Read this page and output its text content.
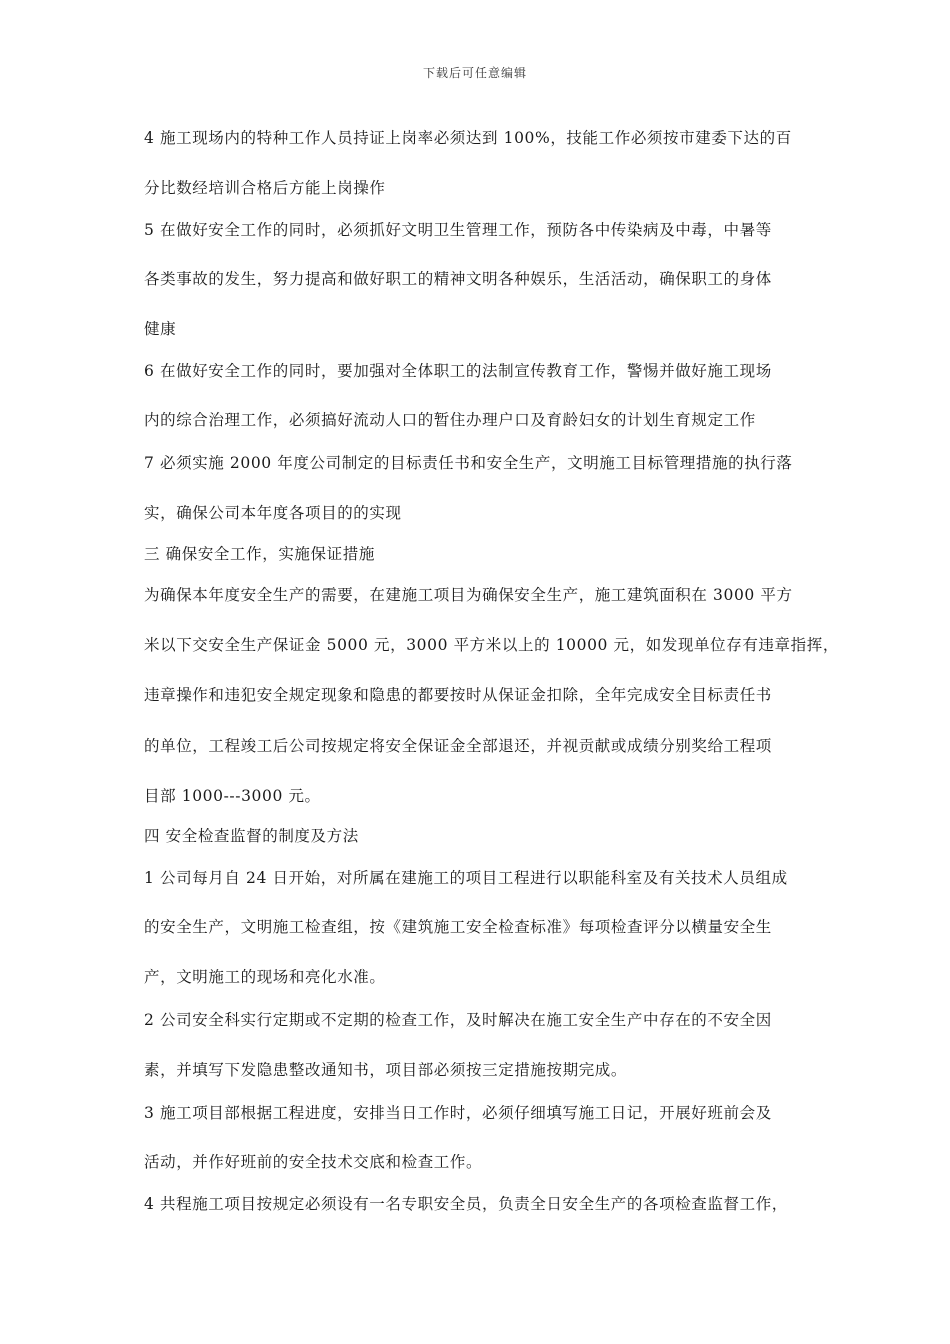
下载后可任意编辑
4 施工现场内的特种工作人员持证上岗率必须达到 100%，技能工作必须按市建委下达的百
分比数经培训合格后方能上岗操作
5 在做好安全工作的同时，必须抓好文明卫生管理工作，预防各中传染病及中毒，中暑等
各类事故的发生，努力提高和做好职工的精神文明各种娱乐，生活活动，确保职工的身体
健康
6 在做好安全工作的同时，要加强对全体职工的法制宣传教育工作，警惕并做好施工现场
内的综合治理工作，必须搞好流动人口的暂住办理户口及育龄妇女的计划生育规定工作
7 必须实施 2000 年度公司制定的目标责任书和安全生产，文明施工目标管理措施的执行落
实，确保公司本年度各项目的的实现
三 确保安全工作，实施保证措施
为确保本年度安全生产的需要，在建施工项目为确保安全生产，施工建筑面积在 3000 平方
米以下交安全生产保证金 5000 元，3000 平方米以上的 10000 元，如发现单位存有违章指挥，
违章操作和违犯安全规定现象和隐患的都要按时从保证金扣除，全年完成安全目标责任书
的单位，工程竣工后公司按规定将安全保证金全部退还，并视贡献或成绩分别奖给工程项
目部 1000---3000 元。
四 安全检查监督的制度及方法
1 公司每月自 24 日开始，对所属在建施工的项目工程进行以职能科室及有关技术人员组成
的安全生产，文明施工检查组，按《建筑施工安全检查标准》每项检查评分以横量安全生
产，文明施工的现场和亮化水准。
2 公司安全科实行定期或不定期的检查工作，及时解决在施工安全生产中存在的不安全因
素，并填写下发隐患整改通知书，项目部必须按三定措施按期完成。
3 施工项目部根据工程进度，安排当日工作时，必须仔细填写施工日记，开展好班前会及
活动，并作好班前的安全技术交底和检查工作。
4 共程施工项目按规定必须设有一名专职安全员，负责全日安全生产的各项检查监督工作，
